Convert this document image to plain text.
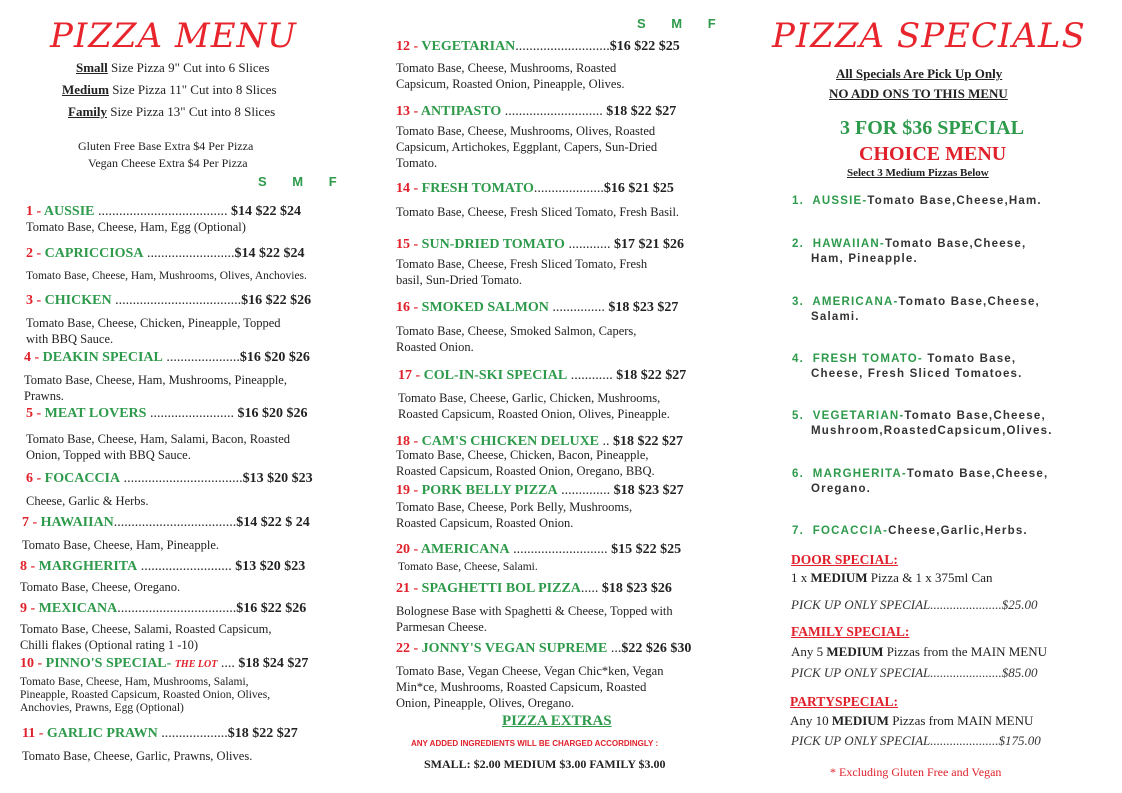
PIZZA MENU
Small Size Pizza 9" Cut into 6 Slices
Medium Size Pizza 11" Cut into 8 Slices
Family Size Pizza 13" Cut into 8 Slices
Gluten Free Base Extra $4 Per Pizza
Vegan Cheese Extra $4 Per Pizza
S M F
1 - AUSSIE ..................................... $14 $22 $24
Tomato Base, Cheese, Ham, Egg (Optional)
2 - CAPRICCIOSA .........................$14 $22 $24
Tomato Base, Cheese, Ham, Mushrooms, Olives, Anchovies.
3 - CHICKEN ....................................$16 $22 $26
Tomato Base, Cheese, Chicken, Pineapple, Topped
with BBQ Sauce.
4 - DEAKIN SPECIAL .....................$16 $20 $26
Tomato Base, Cheese, Ham, Mushrooms, Pineapple,
Prawns.
5 - MEAT LOVERS ........................ $16 $20 $26
Tomato Base, Cheese, Ham, Salami, Bacon, Roasted
Onion, Topped with BBQ Sauce.
6 - FOCACCIA ..................................$13 $20 $23
Cheese, Garlic & Herbs.
7 - HAWAIIAN...................................$14 $22 $ 24
Tomato Base, Cheese, Ham, Pineapple.
8 - MARGHERITA .......................... $13 $20 $23
Tomato Base, Cheese, Oregano.
9 - MEXICANA..................................$16 $22 $26
Tomato Base, Cheese, Salami, Roasted Capsicum,
Chilli flakes (Optional rating 1 -10)
10 - PINNO'S SPECIAL- THE LOT .... $18 $24 $27
Tomato Base, Cheese, Ham, Mushrooms, Salami,
Pineapple, Roasted Capsicum, Roasted Onion, Olives,
Anchovies, Prawns, Egg (Optional)
11 - GARLIC PRAWN ...................$18 $22 $27
Tomato Base, Cheese, Garlic, Prawns, Olives.
S M F
12 - VEGETARIAN...........................$16 $22 $25
Tomato Base, Cheese, Mushrooms, Roasted
Capsicum, Roasted Onion, Pineapple, Olives.
13 - ANTIPASTO ............................ $18 $22 $27
Tomato Base, Cheese, Mushrooms, Olives, Roasted
Capsicum, Artichokes, Eggplant, Capers, Sun-Dried
Tomato.
14 - FRESH TOMATO....................$16 $21 $25
Tomato Base, Cheese, Fresh Sliced Tomato, Fresh Basil.
15 - SUN-DRIED TOMATO ............ $17 $21 $26
Tomato Base, Cheese, Fresh Sliced Tomato, Fresh
basil, Sun-Dried Tomato.
16 - SMOKED SALMON ............... $18 $23 $27
Tomato Base, Cheese, Smoked Salmon, Capers,
Roasted Onion.
17 - COL-IN-SKI SPECIAL ............ $18 $22 $27
Tomato Base, Cheese, Garlic, Chicken, Mushrooms,
Roasted Capsicum, Roasted Onion, Olives, Pineapple.
18 - CAM'S CHICKEN DELUXE .. $18 $22 $27
Tomato Base, Cheese, Chicken, Bacon, Pineapple,
Roasted Capsicum, Roasted Onion, Oregano, BBQ.
19 - PORK BELLY PIZZA .............. $18 $23 $27
Tomato Base, Cheese, Pork Belly, Mushrooms,
Roasted Capsicum, Roasted Onion.
20 - AMERICANA ........................... $15 $22 $25
Tomato Base, Cheese, Salami.
21 - SPAGHETTI BOL PIZZA..... $18 $23 $26
Bolognese Base with Spaghetti & Cheese, Topped with
Parmesan Cheese.
22 - JONNY'S VEGAN SUPREME ...$22 $26 $30
Tomato Base, Vegan Cheese, Vegan Chic*ken, Vegan
Min*ce, Mushrooms, Roasted Capsicum, Roasted
Onion, Pineapple, Olives, Oregano.
PIZZA EXTRAS
ANY ADDED INGREDIENTS WILL BE CHARGED ACCORDINGLY :
SMALL: $2.00 MEDIUM $3.00 FAMILY $3.00
PIZZA SPECIALS
All Specials Are Pick Up Only
NO ADD ONS TO THIS MENU
3 FOR $36 SPECIAL
CHOICE MENU
Select 3 Medium Pizzas Below
1. AUSSIE-Tomato Base,Cheese,Ham.
2. HAWAIIAN-Tomato Base,Cheese,
Ham, Pineapple.
3. AMERICANA-Tomato Base,Cheese,
Salami.
4. FRESH TOMATO- Tomato Base,
Cheese, Fresh Sliced Tomatoes.
5. VEGETARIAN-Tomato Base,Cheese,
Mushroom,RoastedCapsicum,Olives.
6. MARGHERITA-Tomato Base,Cheese,
Oregano.
7. FOCACCIA-Cheese,Garlic,Herbs.
DOOR SPECIAL:
1 x MEDIUM Pizza & 1 x 375ml Can
PICK UP ONLY SPECIAL......................$25.00
FAMILY SPECIAL:
Any 5 MEDIUM Pizzas from the MAIN MENU
PICK UP ONLY SPECIAL......................$85.00
PARTYSPECIAL:
Any 10 MEDIUM Pizzas from MAIN MENU
PICK UP ONLY SPECIAL.....................$175.00
* Excluding Gluten Free and Vegan
